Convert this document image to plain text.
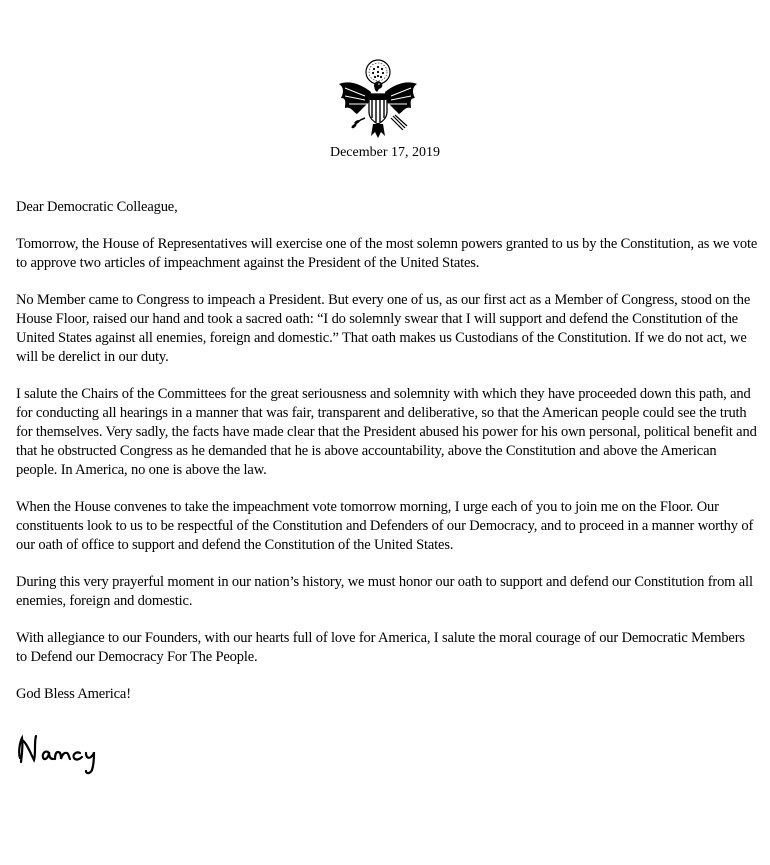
December 17, 2019

Dear Democratic Colleague,

Tomorrow, the House of Representatives will exercise one of the most solemn powers granted to us by the Constitution, as we vote to approve two articles of impeachment against the President of the United States.

No Member came to Congress to impeach a President. But every one of us, as our first act as a Member of Congress, stood on the House Floor, raised our hand and took a sacred oath: “I do solemnly swear that I will support and defend the Constitution of the United States against all enemies, foreign and domestic.” That oath makes us Custodians of the Constitution. If we do not act, we will be derelict in our duty.

I salute the Chairs of the Committees for the great seriousness and solemnity with which they have proceeded down this path, and for conducting all hearings in a manner that was fair, transparent and deliberative, so that the American people could see the truth for themselves. Very sadly, the facts have made clear that the President abused his power for his own personal, political benefit and that he obstructed Congress as he demanded that he is above accountability, above the Constitution and above the American people. In America, no one is above the law.

When the House convenes to take the impeachment vote tomorrow morning, I urge each of you to join me on the Floor. Our constituents look to us to be respectful of the Constitution and Defenders of our Democracy, and to proceed in a manner worthy of our oath of office to support and defend the Constitution of the United States.

During this very prayerful moment in our nation’s history, we must honor our oath to support and defend our Constitution from all enemies, foreign and domestic.

With allegiance to our Founders, with our hearts full of love for America, I salute the moral courage of our Democratic Members to Defend our Democracy For The People.

God Bless America!
